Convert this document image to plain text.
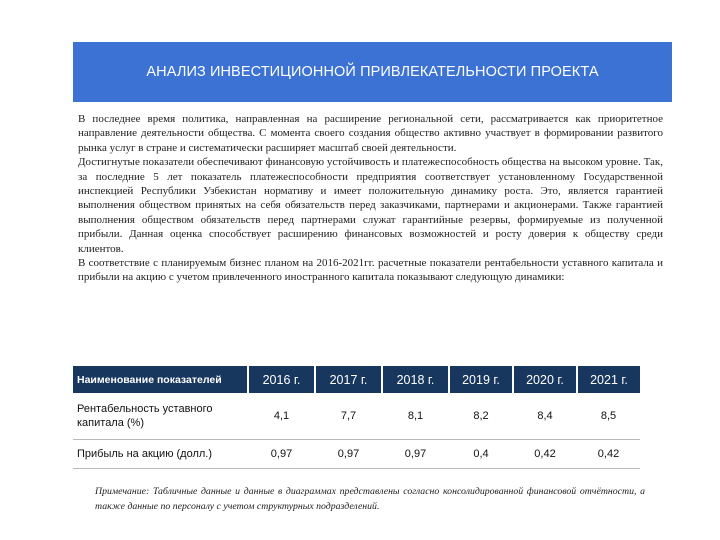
АНАЛИЗ ИНВЕСТИЦИОННОЙ ПРИВЛЕКАТЕЛЬНОСТИ ПРОЕКТА

В последнее время политика, направленная на расширение региональной сети, рассматривается как приоритетное направление деятельности общества. С момента своего создания общество активно участвует в формировании развитого рынка услуг в стране и систематически расширяет масштаб своей деятельности.

Достигнутые показатели обеспечивают финансовую устойчивость и платежеспособность общества на высоком уровне. Так, за последние 5 лет показатель платежеспособности предприятия соответствует установленному Государственной инспекцией Республики Узбекистан нормативу и имеет положительную динамику роста. Это, является гарантией выполнения обществом принятых на себя обязательств перед заказчиками, партнерами и акционерами. Также гарантией выполнения обществом обязательств перед партнерами служат гарантийные резервы, формируемые из полученной прибыли. Данная оценка способствует расширению финансовых возможностей и росту доверия к обществу среди клиентов.

В соответствие с планируемым бизнес планом на 2016-2021гг. расчетные показатели рентабельности уставного капитала и прибыли на акцию с учетом привлеченного иностранного капитала показывают следующую динамики:

Наименование показателей	2016 г.	2017 г.	2018 г.	2019 г.	2020 г.	2021 г.
Рентабельность уставного капитала (%)	4,1	7,7	8,1	8,2	8,4	8,5
Прибыль на акцию (долл.)	0,97	0,97	0,97	0,4	0,42	0,42
Примечание: Табличные данные и данные в диаграммах представлены согласно консолидированной финансовой отчётности, а также данные по персоналу с учетом структурных подразделений.
